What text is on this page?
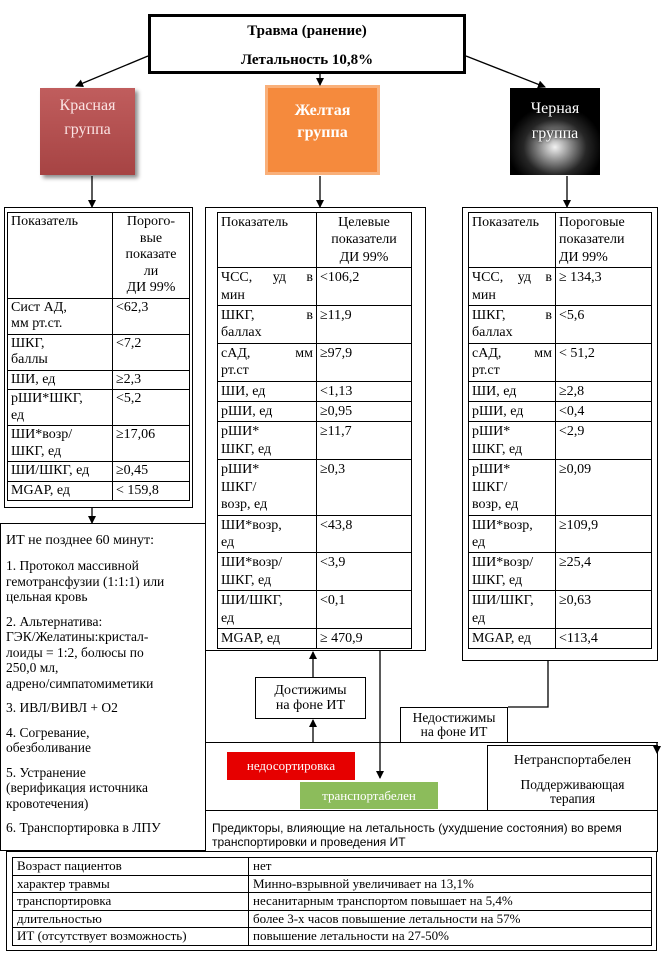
Травма (ранение)
Летальность 10,8%
Красная
группа
Желтая
группа
Черная
группа
Показатель	Порого-
вые
показате
ли
ДИ 99%
Сист АД,
мм рт.ст.	<62,3
ШКГ,
баллы	<7,2
ШИ, ед	≥2,3
рШИ*ШКГ,
ед	<5,2
ШИ*возр/
ШКГ, ед	≥17,06
ШИ/ШКГ, ед	≥0,45
MGAP, ед	< 159,8
Показатель	Целевые
показатели
ДИ 99%
ЧСС, уд в
мин	<106,2
ШКГ, в
баллах	≥11,9
сАД, мм
рт.ст	≥97,9
ШИ, ед	<1,13
рШИ, ед	≥0,95
рШИ*
ШКГ, ед	≥11,7
рШИ*
ШКГ/
возр, ед	≥0,3
ШИ*возр,
ед	<43,8
ШИ*возр/
ШКГ, ед	<3,9
ШИ/ШКГ,
ед	<0,1
MGAP, ед	≥ 470,9
Показатель	Пороговые
показатели
ДИ 99%
ЧСС, уд в
мин	≥ 134,3
ШКГ, в
баллах	<5,6
сАД, мм
рт.ст	< 51,2
ШИ, ед	≥2,8
рШИ, ед	<0,4
рШИ*
ШКГ, ед	<2,9
рШИ*
ШКГ/
возр, ед	≥0,09
ШИ*возр,
ед	≥109,9
ШИ*возр/
ШКГ, ед	≥25,4
ШИ/ШКГ,
ед	≥0,63
MGAP, ед	<113,4
ИТ не позднее 60 минут:
1. Протокол массивной
гемотрансфузии (1:1:1) или
цельная кровь
2. Альтернатива:
ГЭК/Желатины:кристал-
лоиды = 1:2, болюсы по
250,0 мл,
адрено/симпатомиметики
3. ИВЛ/ВИВЛ + O2
4. Согревание,
обезболивание
5. Устранение
(верификация источника
кровотечения)
6. Транспортировка в ЛПУ
Достижимы
на фоне ИТ
Недостижимы
на фоне ИТ
недосортировка
транспортабелен
Нетранспортабелен
Поддерживающая
терапия
Предикторы, влияющие на летальность (ухудшение состояния) во время транспортировки и проведения ИТ
Возраст пациентов	нет
характер травмы	Минно-взрывной увеличивает на 13,1%
транспортировка	несанитарным транспортом повышает на 5,4%
длительностью	более 3-х часов повышение летальности на 57%
ИТ (отсутствует возможность)	повышение летальности на 27-50%
